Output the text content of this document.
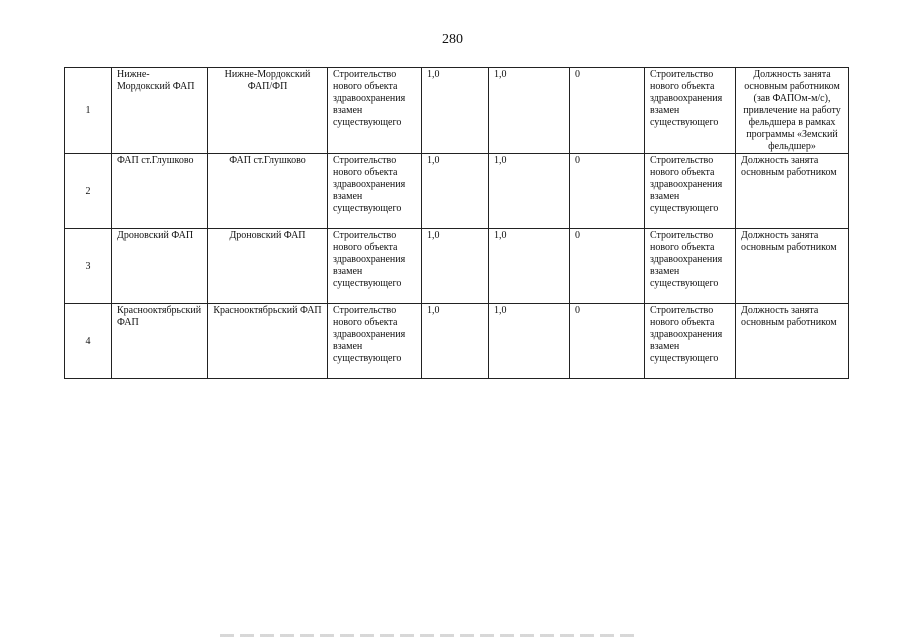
280
1	Нижне-Мордокский ФАП	Нижне-Мордокский ФАП/ФП	Строительство нового объекта здравоохранения взамен существующего	1,0	1,0	0	Строительство нового объекта здравоохранения взамен существующего	Должность занята основным работником (зав ФАПОм-м/с), привлечение на работу фельдшера в рамках программы «Земский фельдшер»
2	ФАП ст.Глушково	ФАП ст.Глушково	Строительство нового объекта здравоохранения взамен существующего	1,0	1,0	0	Строительство нового объекта здравоохранения взамен существующего	Должность занята основным работником
3	Дроновский ФАП	Дроновский ФАП	Строительство нового объекта здравоохранения взамен существующего	1,0	1,0	0	Строительство нового объекта здравоохранения взамен существующего	Должность занята основным работником
4	Краснооктябрьский ФАП	Краснооктябрьский ФАП	Строительство нового объекта здравоохранения взамен существующего	1,0	1,0	0	Строительство нового объекта здравоохранения взамен существующего	Должность занята основным работником
